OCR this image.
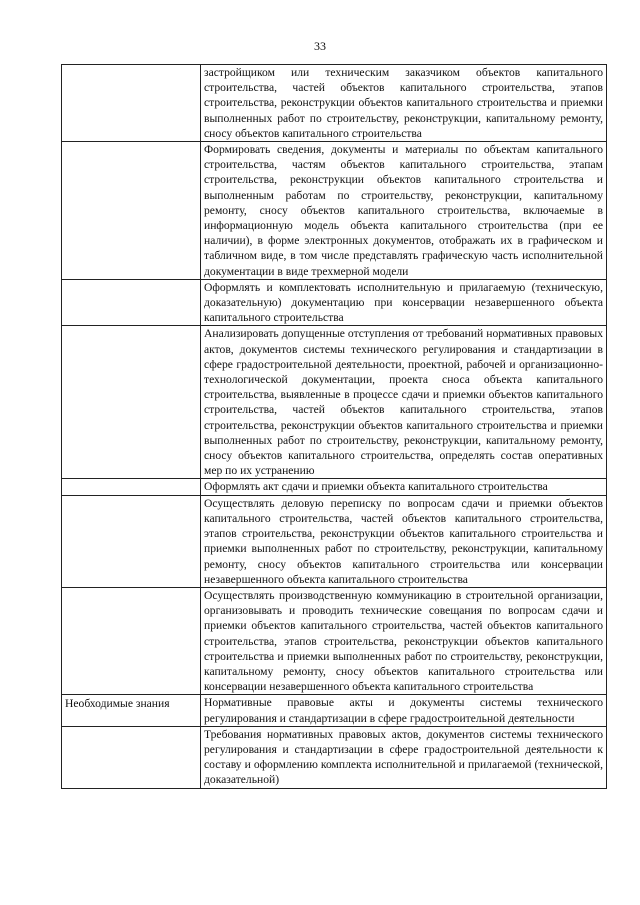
33
	застройщиком или техническим заказчиком объектов капитального строительства, частей объектов капитального строительства, этапов строительства, реконструкции объектов капитального строительства и приемки выполненных работ по строительству, реконструкции, капитальному ремонту, сносу объектов капитального строительства

	Формировать сведения, документы и материалы по объектам капитального строительства, частям объектов капитального строительства, этапам строительства, реконструкции объектов капитального строительства и выполненным работам по строительству, реконструкции, капитальному ремонту, сносу объектов капитального строительства, включаемые в информационную модель объекта капитального строительства (при ее наличии), в форме электронных документов, отображать их в графическом и табличном виде, в том числе представлять графическую часть исполнительной документации в виде трехмерной модели

	Оформлять и комплектовать исполнительную и прилагаемую (техническую, доказательную) документацию при консервации незавершенного объекта капитального строительства

	Анализировать допущенные отступления от требований нормативных правовых актов, документов системы технического регулирования и стандартизации в сфере градостроительной деятельности, проектной, рабочей и организационно-технологической документации, проекта сноса объекта капитального строительства, выявленные в процессе сдачи и приемки объектов капитального строительства, частей объектов капитального строительства, этапов строительства, реконструкции объектов капитального строительства и приемки выполненных работ по строительству, реконструкции, капитальному ремонту, сносу объектов капитального строительства, определять состав оперативных мер по их устранению

	Оформлять акт сдачи и приемки объекта капитального строительства

	Осуществлять деловую переписку по вопросам сдачи и приемки объектов капитального строительства, частей объектов капитального строительства, этапов строительства, реконструкции объектов капитального строительства и приемки выполненных работ по строительству, реконструкции, капитальному ремонту, сносу объектов капитального строительства или консервации незавершенного объекта капитального строительства

	Осуществлять производственную коммуникацию в строительной организации, организовывать и проводить технические совещания по вопросам сдачи и приемки объектов капитального строительства, частей объектов капитального строительства, этапов строительства, реконструкции объектов капитального строительства и приемки выполненных работ по строительству, реконструкции, капитальному ремонту, сносу объектов капитального строительства или консервации незавершенного объекта капитального строительства

Необходимые знания	Нормативные правовые акты и документы системы технического регулирования и стандартизации в сфере градостроительной деятельности

	Требования нормативных правовых актов, документов системы технического регулирования и стандартизации в сфере градостроительной деятельности к составу и оформлению комплекта исполнительной и прилагаемой (технической, доказательной)
